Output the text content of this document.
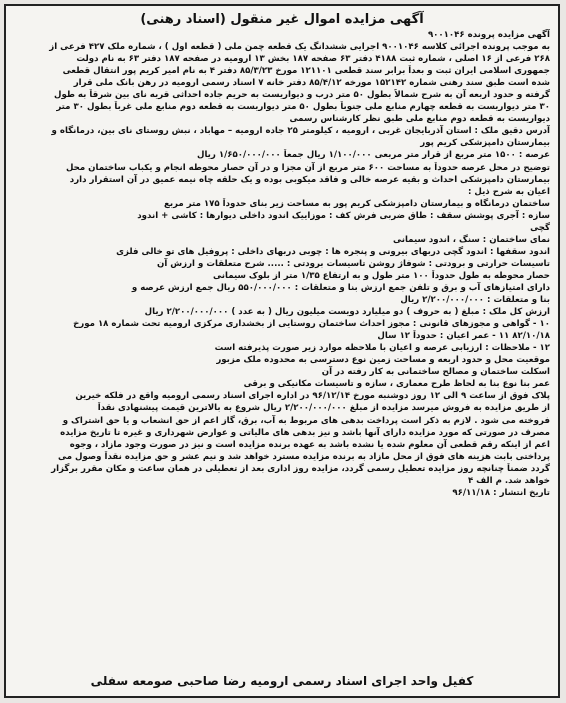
آگهی مزایده اموال غیر منقول (اسناد رهنی)
آگهی مزایده پرونده ۹۰۰۱۰۴۶
به موجب پرونده اجرائی کلاسه ۹۰۰۱۰۴۶ اجرایی ششدانگ یک قطعه چمن ملی ( قطعه اول ) ، شماره ملک ۴۲۷ فرعی از
۲۶۸ فرعی از ۱۶ اصلی ، شماره ثبت ۴۱۸۸ دفتر ۶۳ صفحه ۱۸۷ بخش ۱۳ ارومیه در صفحه ۱۸۷ دفتر ۶۳ به نام دولت
جمهوری اسلامی ایران ثبت و بعداً برابر سند قطعی ۱۲۱۱۰۱ مورخ ۸۵/۳/۲۳ دفتر ۴ به نام امیر کریم پور انتقال قطعی
شده است طبق سند رهنی شماره ۱۵۲۱۴۲ مورخه ۸۵/۴/۱۲ دفتر خانه ۷ اسناد رسمی ارومیه در رهن بانک ملی قرار
گرفته و حدود اربعه آن به شرح شمالاً بطول ۵۰ متر درب و دیواریست به حریم جاده احداثی قریه نای بین شرقاً به طول
۳۰ متر دیواریست به قطعه چهارم منابع ملی جنوباً بطول ۵۰ متر دیواریست به قطعه دوم منابع ملی غرباً بطول ۳۰ متر
دیواریست به قطعه دوم منابع ملی طبق نظر کارشناس رسمی
آدرس دقیق ملک : استان آذربایجان غربی ، ارومیه ، کیلومتر ۲۵ جاده ارومیه – مهاباد ، نبش روستای نای بین، درمانگاه و
بیمارستان دامپزشکی کریم پور
عرصه : ۱۵۰۰ متر مربع از قرار متر مربعی ۱/۱۰۰/۰۰۰ ریال جمعاً ۱/۶۵۰/۰۰۰/۰۰۰ ریال
توضیح در محل عرصه حدوداً به مساحت ۶۰۰ متر مربع از آن مجزا و در آن حصار محوطه انجام و یکباب ساختمان محل
بیمارستان دامپزشکی احداث و بقیه عرصه خالی و فاقد میکوبی بوده و یک حلقه چاه نیمه عمیق در آن استقرار دارد
اعیان به شرح ذیل :
ساختمان درمانگاه و بیمارستان دامپزشکی کریم پور به مساحت زیر بنای حدوداً ۱۷۵ متر مربع
سازه : آجری پوشش سقف : طاق ضربی فرش کف : موزاییک اندود داخلی دیوارها : کاشی + اندود
گچی
نمای ساختمان : سنگ ، اندود سیمانی
اندود سقفها : اندود گچی دربهای بیرونی و پنجره ها : چوبی دربهای داخلی : پروفیل های تو خالی فلزی
تاسیسات حرارتی و برودتی : شوفاژ روشن تاسیسات برودتی : ..... شرح متعلقات و ارزش آن
حصار محوطه به طول حدوداً ۱۰۰ متر طول و به ارتفاع ۱/۳۵ متر از بلوک سیمانی
دارای امتیازهای آب و برق و تلفن جمع ارزش بنا و متعلقات : ۵۵۰/۰۰۰/۰۰۰ ریال جمع ارزش عرصه و
بنا و متعلقات : ۲/۲۰۰/۰۰۰/۰۰۰ ریال
ارزش کل ملک : مبلغ ( به حروف ) دو میلیارد دویست میلیون ریال ( به عدد ) ۲/۲۰۰/۰۰۰/۰۰۰ ریال
۱۰ - گواهی و مجوزهای قانونی : مجوز احداث ساختمان روستایی از بخشداری مرکزی ارومیه تحت شماره ۱۸ مورخ
۸۲/۱۰/۱۸ ۱۱ - عمر اعیان : حدوداً ۱۲ سال
۱۲ - ملاحظات : ارزیابی عرصه و اعیان با ملاحظه موارد زیر صورت پذیرفته است
موقعیت محل و حدود اربعه و مساحت زمین نوع دسترسی به محدوده ملک مزبور
اسکلت ساختمان و مصالح ساختمانی به کار رفته در آن
عمر بنا نوع بنا به لحاظ طرح معماری ، سازه و تاسیسات مکانیکی و برقی
پلاک فوق از ساعت ۹ الی ۱۲ روز دوشنبه مورخ ۹۶/۱۲/۱۴ در اداره اجرای اسناد رسمی ارومیه واقع در فلکه خیرین
از طریق مزایده به فروش میرسد مزایده از مبلغ ۲/۲۰۰/۰۰۰/۰۰۰ ریال شروع به بالاترین قیمت پیشنهادی نقداً
فروخته می شود . لازم به ذکر است پرداخت بدهی های مربوط به آب، برق، گاز اعم از حق انشعاب و یا حق اشتراک و
مصرف در صورتی که مورد مزایده دارای آنها باشد و نیز بدهی های مالیاتی و عوارض شهرداری و غیره تا تاریخ مزایده
اعم از اینکه رقم قطعی آن معلوم شده یا نشده باشد به عهده برنده مزایده است و نیز در صورت وجود مازاد ، وجوه
پرداختی بابت هزینه های فوق از محل مازاد به برنده مزایده مسترد خواهد شد و نیم عشر و حق مزایده نقداً وصول می
گردد ضمناً چنانچه روز مزایده تعطیل رسمی گردد، مزایده روز اداری بعد از تعطیلی در همان ساعت و مکان مقرر برگزار
خواهد شد. م الف ۴
تاریخ انتشار : ۹۶/۱۱/۱۸
کفیل واحد اجرای اسناد رسمی ارومیه رضا صاحبی صومعه سفلی
